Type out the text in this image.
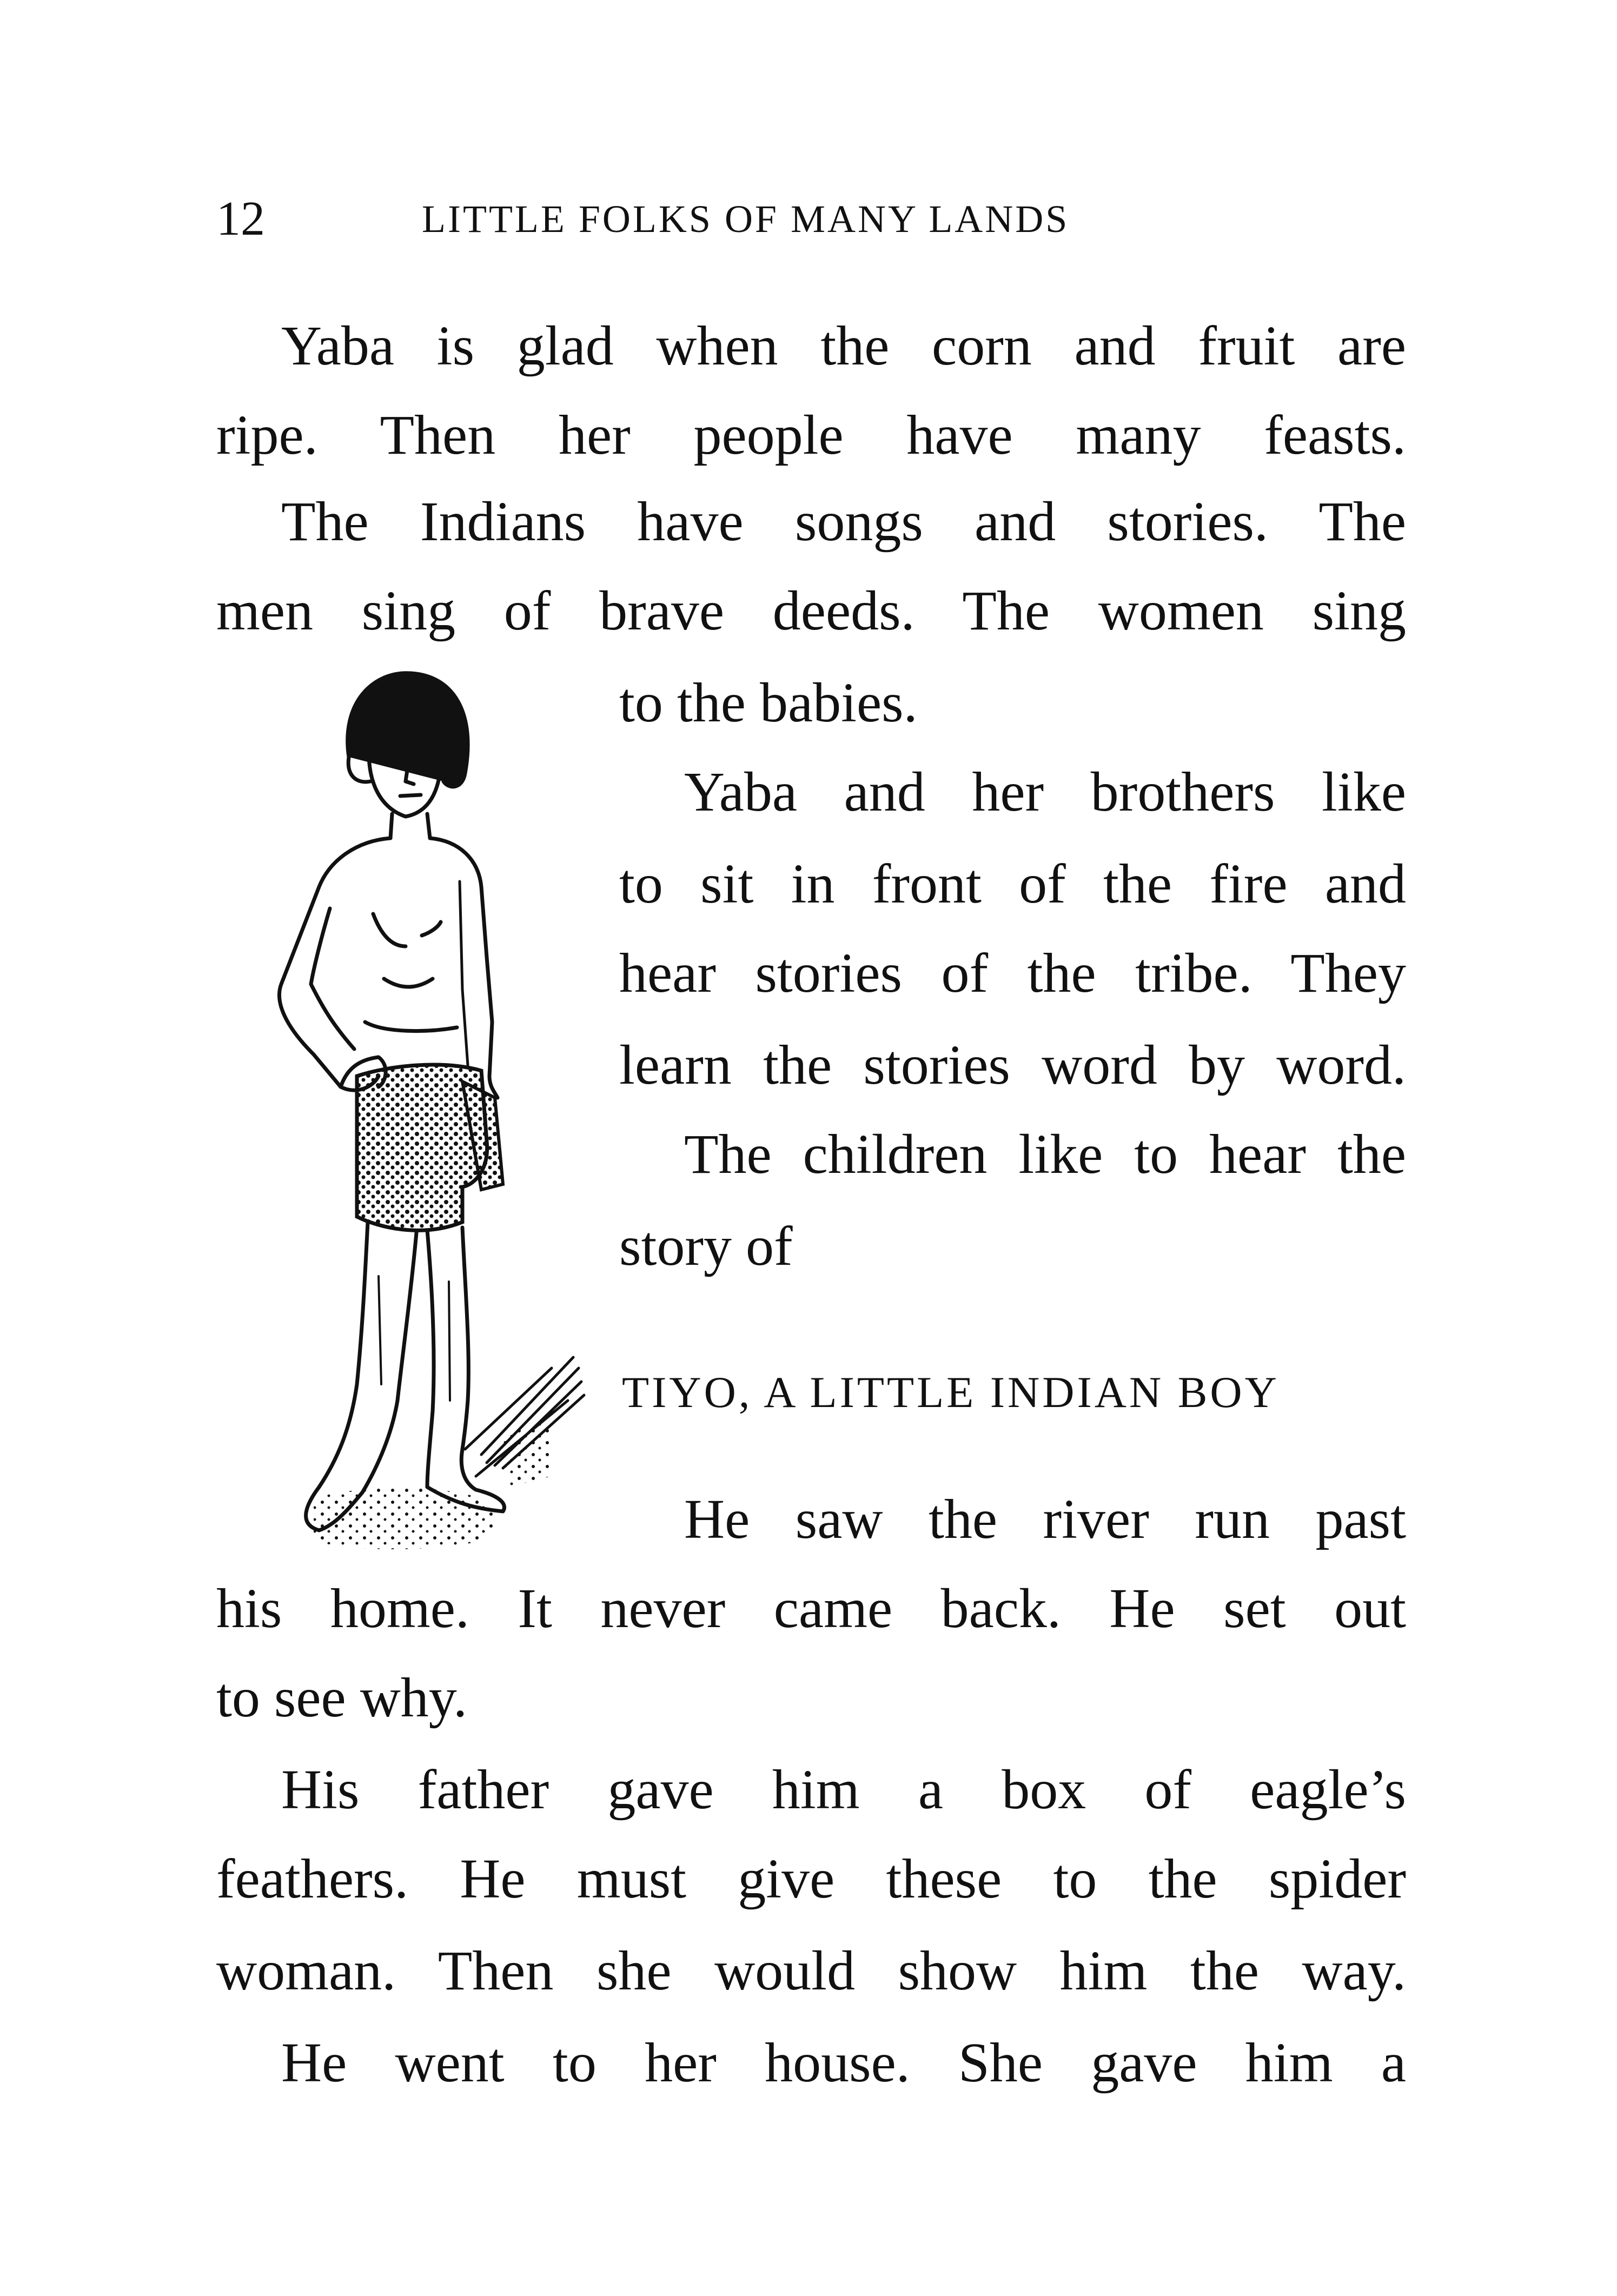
12	LITTLE FOLKS OF MANY LANDS
Yaba is glad when the corn and fruit are
ripe. Then her people have many feasts.
The Indians have songs and stories. The
men sing of brave deeds. The women sing
to the babies.
Yaba and her brothers like
to sit in front of the fire and
hear stories of the tribe. They
learn the stories word by word.
The children like to hear the
story of
TIYO, A LITTLE INDIAN BOY
He saw the river run past
his home. It never came back. He set out
to see why.
His father gave him a box of eagle’s
feathers. He must give these to the spider
woman. Then she would show him the way.
He went to her house. She gave him a
